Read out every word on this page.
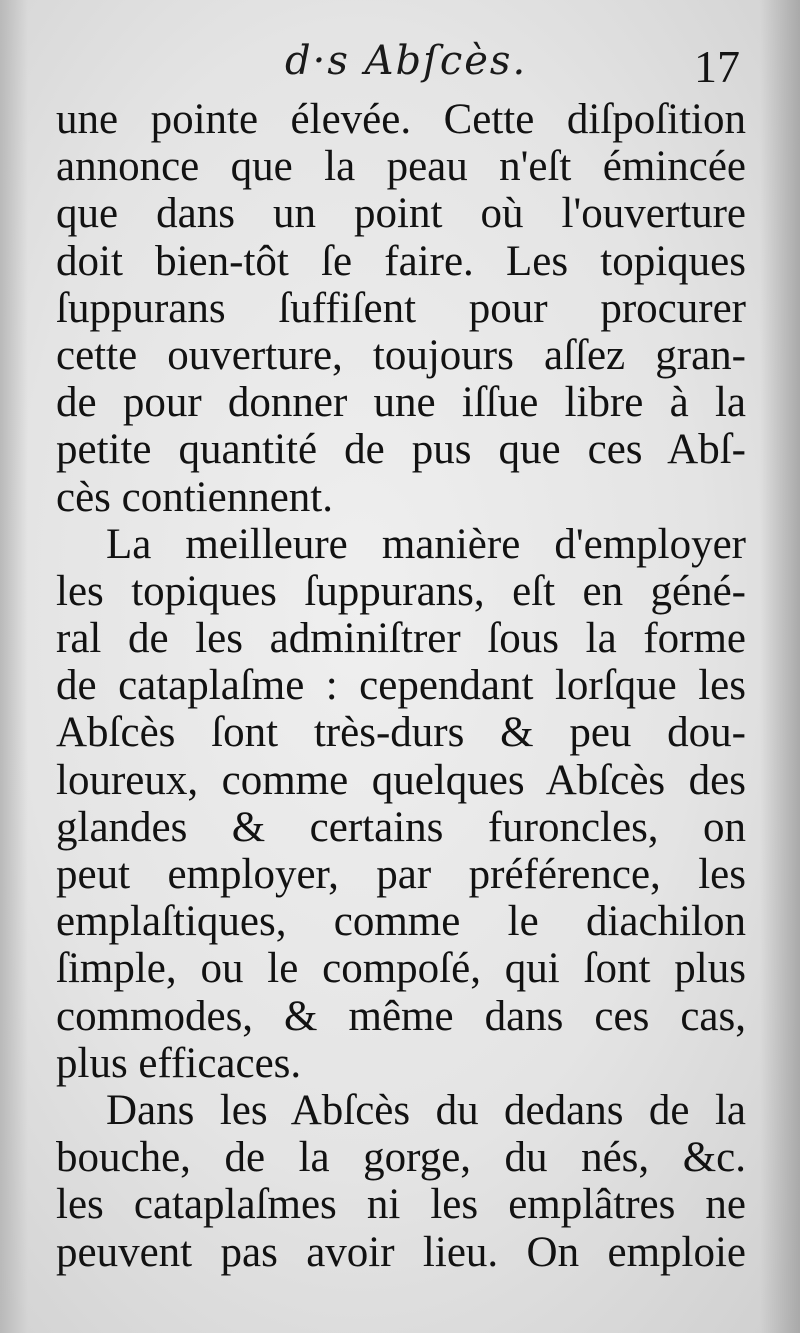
d·s Abſcès.	17
une pointe élevée. Cette diſpoſition
annonce que la peau n'eſt émincée
que dans un point où l'ouverture
doit bien-tôt ſe faire. Les topiques
ſuppurans ſuffiſent pour procurer
cette ouverture, toujours aſſez gran-
de pour donner une iſſue libre à la
petite quantité de pus que ces Abſ-
cès contiennent.
La meilleure manière d'employer
les topiques ſuppurans, eſt en géné-
ral de les adminiſtrer ſous la forme
de cataplaſme : cependant lorſque les
Abſcès ſont très-durs & peu dou-
loureux, comme quelques Abſcès des
glandes & certains furoncles, on
peut employer, par préférence, les
emplaſtiques, comme le diachilon
ſimple, ou le compoſé, qui ſont plus
commodes, & même dans ces cas,
plus efficaces.
Dans les Abſcès du dedans de la
bouche, de la gorge, du nés, &c.
les cataplaſmes ni les emplâtres ne
peuvent pas avoir lieu. On emploie
